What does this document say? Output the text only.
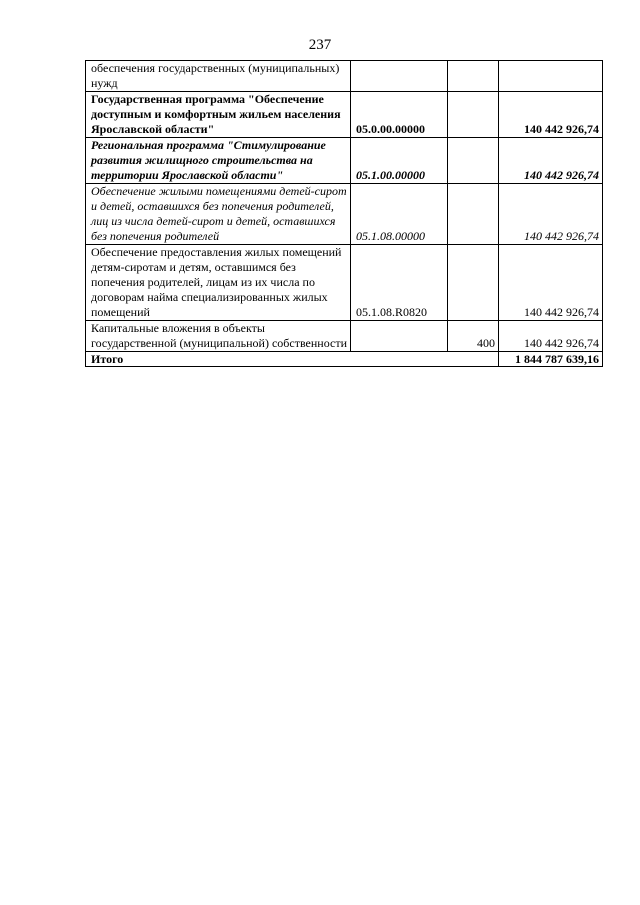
237
обеспечения государственных (муниципальных) нужд			
Государственная программа "Обеспечение доступным и комфортным жильем населения Ярославской области"	05.0.00.00000		140 442 926,74
Региональная программа "Стимулирование развития жилищного строительства на территории Ярославской области"	05.1.00.00000		140 442 926,74
Обеспечение жилыми помещениями детей-сирот и детей, оставшихся без попечения родителей, лиц из числа детей-сирот и детей, оставшихся без попечения родителей	05.1.08.00000		140 442 926,74
Обеспечение предоставления жилых помещений детям-сиротам и детям, оставшимся без попечения родителей, лицам из их числа по договорам найма специализированных жилых помещений	05.1.08.R0820		140 442 926,74
Капитальные вложения в объекты государственной (муниципальной) собственности		400	140 442 926,74
Итого			1 844 787 639,16
